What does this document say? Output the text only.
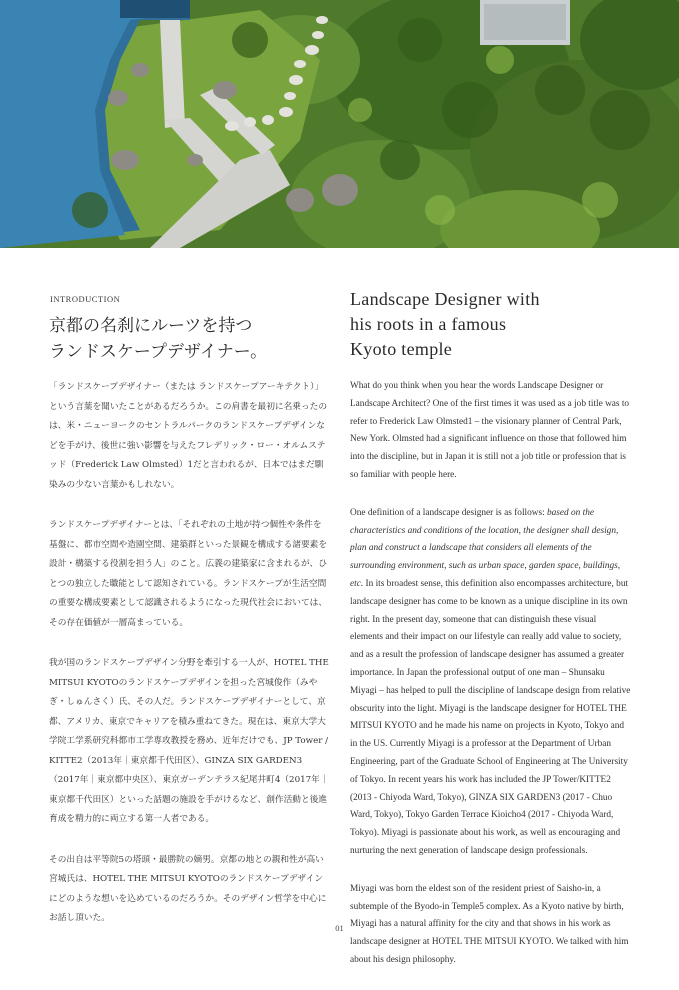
INTRODUCTION

京都の名刹にルーツを持つ
ランドスケープデザイナー。
Landscape Designer with
his roots in a famous
Kyoto temple

「ランドスケープデザイナー（または ランドスケープアーキテクト）」という言葉を聞いたことがあるだろうか。この肩書を最初に名乗ったのは、米・ニューヨークのセントラルパークのランドスケープデザインなどを手がけ、後世に強い影響を与えたフレデリック・ロー・オルムステッド（Frederick Law Olmsted）1だと言われるが、日本ではまだ馴染みの少ない言葉かもしれない。

ランドスケープデザイナーとは、「それぞれの土地が持つ個性や条件を基盤に、都市空間や造園空間、建築群といった景観を構成する諸要素を設計・構築する役割を担う人」のこと。広義の建築家に含まれるが、ひとつの独立した職能として認知されている。ランドスケープが生活空間の重要な構成要素として認識されるようになった現代社会においては、その存在価値が一層高まっている。

我が国のランドスケープデザイン分野を牽引する一人が、HOTEL THE MITSUI KYOTOのランドスケープデザインを担った宮城俊作（みやぎ・しゅんさく）氏、その人だ。ランドスケープデザイナーとして、京都、アメリカ、東京でキャリアを積み重ねてきた。現在は、東京大学大学院工学系研究科都市工学専攻教授を務め、近年だけでも、JP Tower / KITTE2（2013年｜東京都千代田区）、GINZA SIX GARDEN3（2017年｜東京都中央区）、東京ガーデンテラス紀尾井町4（2017年｜東京都千代田区）といった話題の施設を手がけるなど、創作活動と後進育成を精力的に両立する第一人者である。

その出自は平等院5の塔頭・最勝院の嫡男。京都の地との親和性が高い宮城氏は、HOTEL THE MITSUI KYOTOのランドスケープデザインにどのような想いを込めているのだろうか。そのデザイン哲学を中心にお話し頂いた。

What do you think when you hear the words Landscape Designer or Landscape Architect? One of the first times it was used as a job title was to refer to Frederick Law Olmsted1 – the visionary planner of Central Park, New York. Olmsted had a significant influence on those that followed him into the discipline, but in Japan it is still not a job title or profession that is so familiar with people here.

One definition of a landscape designer is as follows: based on the characteristics and conditions of the location, the designer shall design, plan and construct a landscape that considers all elements of the surrounding environment, such as urban space, garden space, buildings, etc. In its broadest sense, this definition also encompasses architecture, but landscape designer has come to be known as a unique discipline in its own right. In the present day, someone that can distinguish these visual elements and their impact on our lifestyle can really add value to society, and as a result the profession of landscape designer has assumed a greater importance. In Japan the professional output of one man – Shunsaku Miyagi – has helped to pull the discipline of landscape design from relative obscurity into the light. Miyagi is the landscape designer for HOTEL THE MITSUI KYOTO and he made his name on projects in Kyoto, Tokyo and in the US. Currently Miyagi is a professor at the Department of Urban Engineering, part of the Graduate School of Engineering at The University of Tokyo. In recent years his work has included the JP Tower/KITTE2 (2013 - Chiyoda Ward, Tokyo), GINZA SIX GARDEN3 (2017 - Chuo Ward, Tokyo), Tokyo Garden Terrace Kioicho4 (2017 - Chiyoda Ward, Tokyo). Miyagi is passionate about his work, as well as encouraging and nurturing the next generation of landscape design professionals.

Miyagi was born the eldest son of the resident priest of Saisho-in, a subtemple of the Byodo-in Temple5 complex. As a Kyoto native by birth, Miyagi has a natural affinity for the city and that shows in his work as landscape designer at HOTEL THE MITSUI KYOTO. We talked with him about his design philosophy.

01
